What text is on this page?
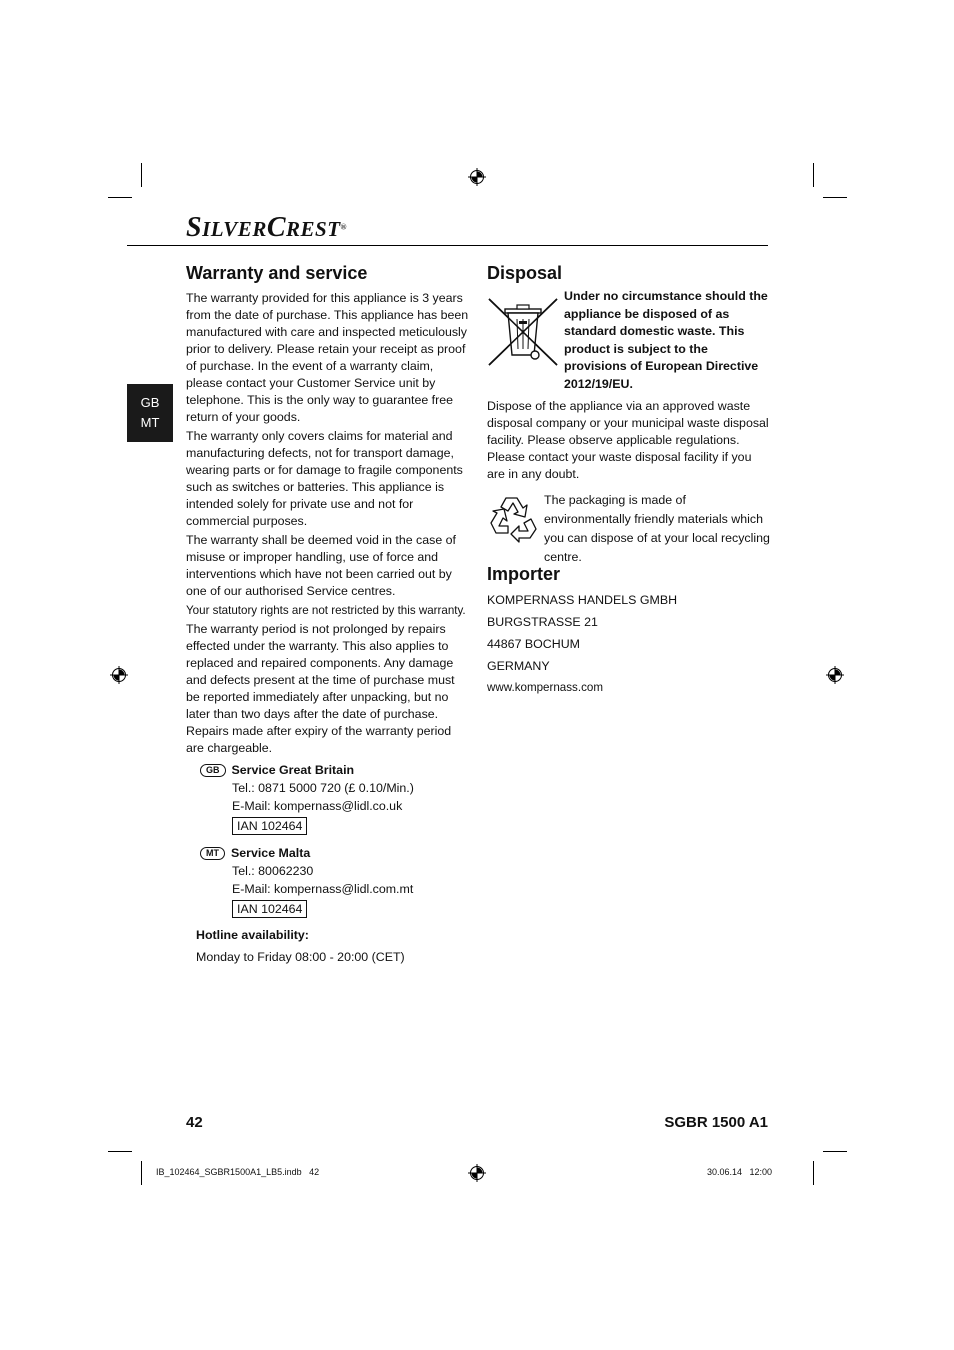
SILVERCREST®
GB
MT
Warranty and service

The warranty provided for this appliance is 3 years from the date of purchase. This appliance has been manufactured with care and inspected meticulously prior to delivery. Please retain your receipt as proof of purchase. In the event of a warranty claim, please contact your Customer Service unit by telephone. This is the only way to guarantee free return of your goods.

The warranty only covers claims for material and manufacturing defects, not for transport damage, wearing parts or for damage to fragile components such as switches or batteries. This appliance is intended solely for private use and not for commercial purposes.

The warranty shall be deemed void in the case of misuse or improper handling, use of force and interventions which have not been carried out by one of our authorised Service centres.

Your statutory rights are not restricted by this warranty.

The warranty period is not prolonged by repairs effected under the warranty. This also applies to replaced and repaired components. Any damage and defects present at the time of purchase must be reported immediately after unpacking, but no later than two days after the date of purchase. Repairs made after expiry of the warranty period are chargeable.

GB Service Great Britain
Tel.: 0871 5000 720 (£ 0.10/Min.)
E-Mail: kompernass@lidl.co.uk
IAN 102464
MT Service Malta
Tel.: 80062230
E-Mail: kompernass@lidl.com.mt
IAN 102464
Hotline availability:
Monday to Friday 08:00 - 20:00 (CET)
Disposal

Under no circumstance should the appliance be disposed of as standard domestic waste. This product is subject to the provisions of European Directive 2012/19/EU.

Dispose of the appliance via an approved waste disposal company or your municipal waste disposal facility. Please observe applicable regulations. Please contact your waste disposal facility if you are in any doubt.

The packaging is made of environmentally friendly materials which you can dispose of at your local recycling centre.

Importer
KOMPERNASS HANDELS GMBH
BURGSTRASSE 21
44867 BOCHUM
GERMANY
www.kompernass.com
42	SGBR 1500 A1
IB_102464_SGBR1500A1_LB5.indb   42	30.06.14   12:00
